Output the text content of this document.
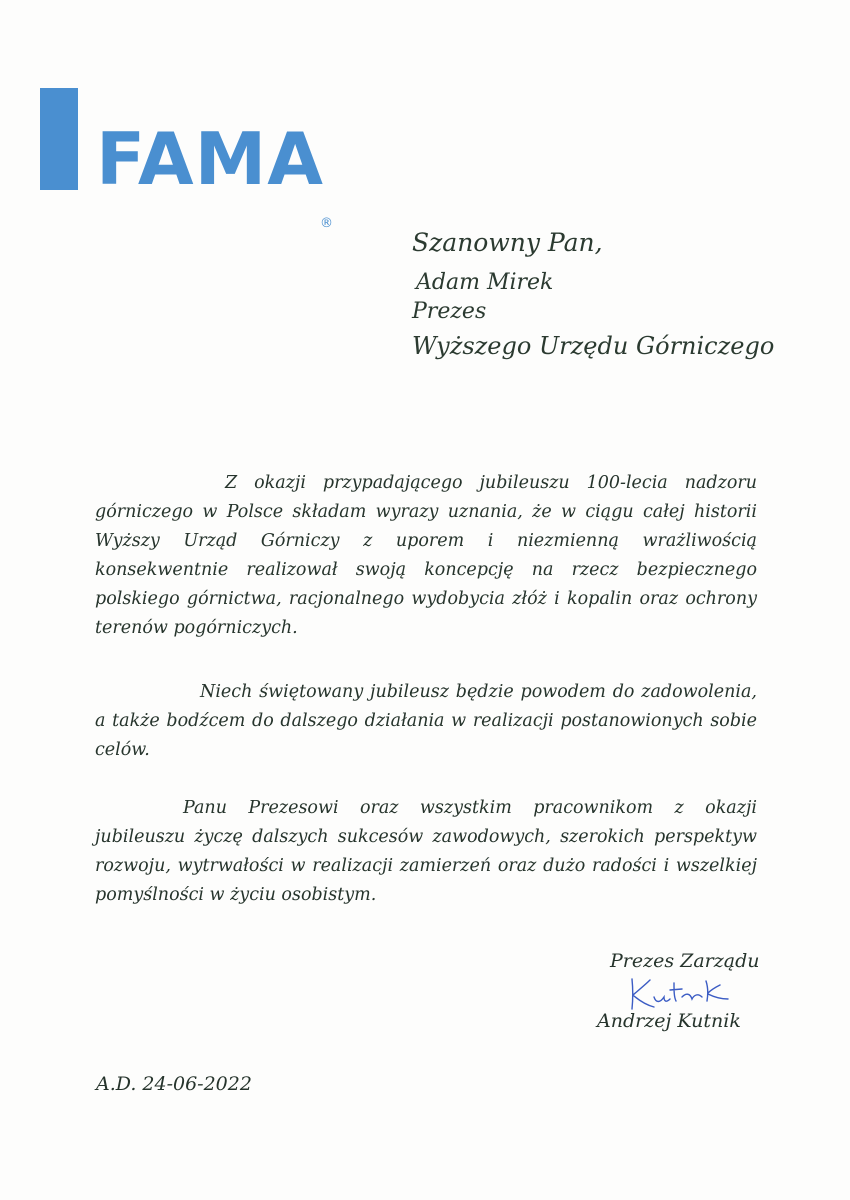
FAMA
®
Szanowny Pan,
Adam Mirek
Prezes
Wyższego Urzędu Górniczego

Z okazji przypadającego jubileuszu 100-lecia nadzoru górniczego w Polsce składam wyrazy uznania, że w ciągu całej historii Wyższy Urząd Górniczy z uporem i niezmienną wrażliwością konsekwentnie realizował swoją koncepcję na rzecz bezpiecznego polskiego górnictwa, racjonalnego wydobycia złóż i kopalin oraz ochrony terenów pogórniczych.

Niech świętowany jubileusz będzie powodem do zadowolenia, a także bodźcem do dalszego działania w realizacji postanowionych sobie celów.

Panu Prezesowi oraz wszystkim pracownikom z okazji jubileuszu życzę dalszych sukcesów zawodowych, szerokich perspektyw rozwoju, wytrwałości w realizacji zamierzeń oraz dużo radości i wszelkiej pomyślności w życiu osobistym.

Prezes Zarządu
Andrzej Kutnik
A.D. 24-06-2022
